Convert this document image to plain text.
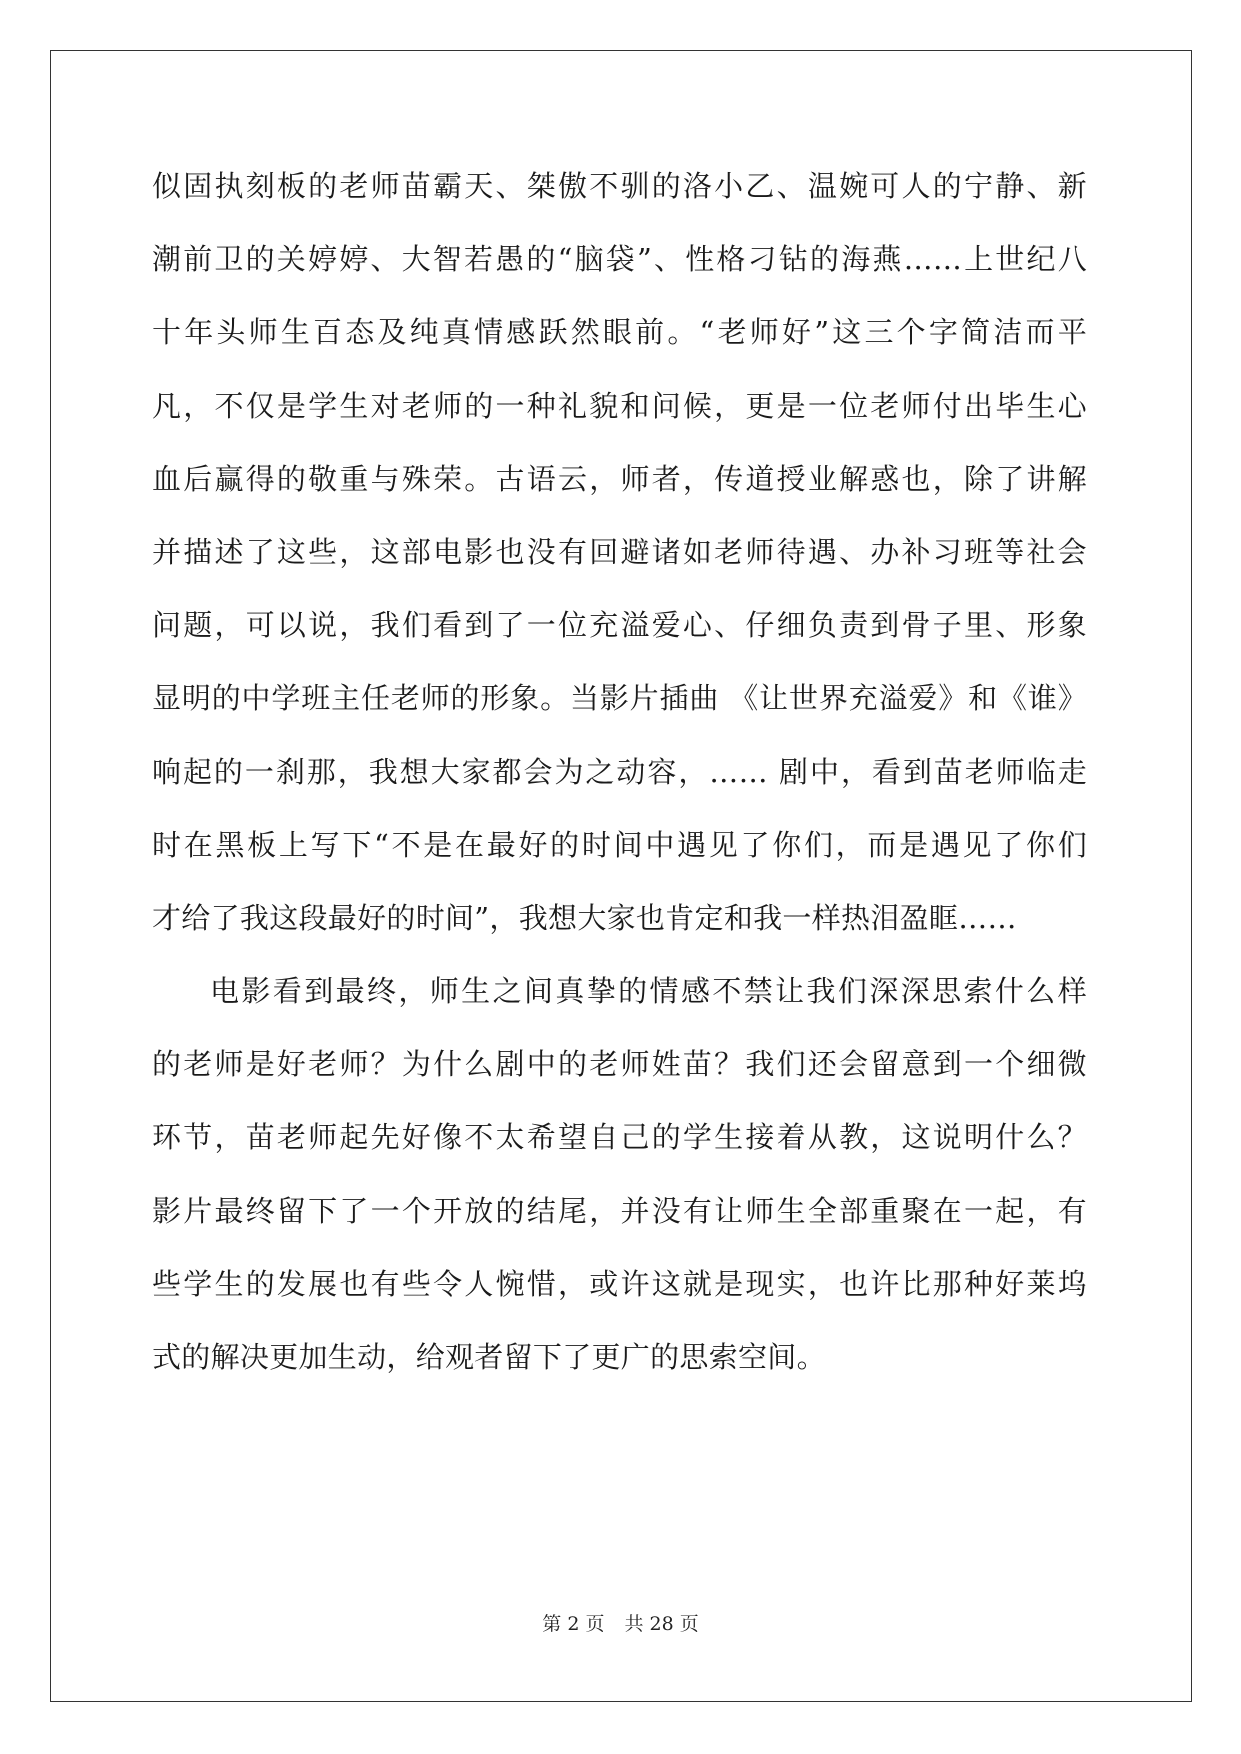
似固执刻板的老师苗霸天、桀傲不驯的洛小乙、温婉可人的宁静、新
潮前卫的关婷婷、大智若愚的“脑袋”、性格刁钻的海燕……上世纪八
十年头师生百态及纯真情感跃然眼前。“老师好”这三个字简洁而平
凡，不仅是学生对老师的一种礼貌和问候，更是一位老师付出毕生心
血后赢得的敬重与殊荣。古语云，师者，传道授业解惑也，除了讲解
并描述了这些，这部电影也没有回避诸如老师待遇、办补习班等社会
问题，可以说，我们看到了一位充溢爱心、仔细负责到骨子里、形象
显明的中学班主任老师的形象。当影片插曲 《让世界充溢爱》和《谁》
响起的一刹那，我想大家都会为之动容，…… 剧中，看到苗老师临走
时在黑板上写下“不是在最好的时间中遇见了你们，而是遇见了你们
才给了我这段最好的时间”，我想大家也肯定和我一样热泪盈眶……
电影看到最终，师生之间真挚的情感不禁让我们深深思索什么样
的老师是好老师？为什么剧中的老师姓苗？我们还会留意到一个细微
环节，苗老师起先好像不太希望自己的学生接着从教，这说明什么？
影片最终留下了一个开放的结尾，并没有让师生全部重聚在一起，有
些学生的发展也有些令人惋惜，或许这就是现实，也许比那种好莱坞
式的解决更加生动，给观者留下了更广的思索空间。
第 2 页 共 28 页
